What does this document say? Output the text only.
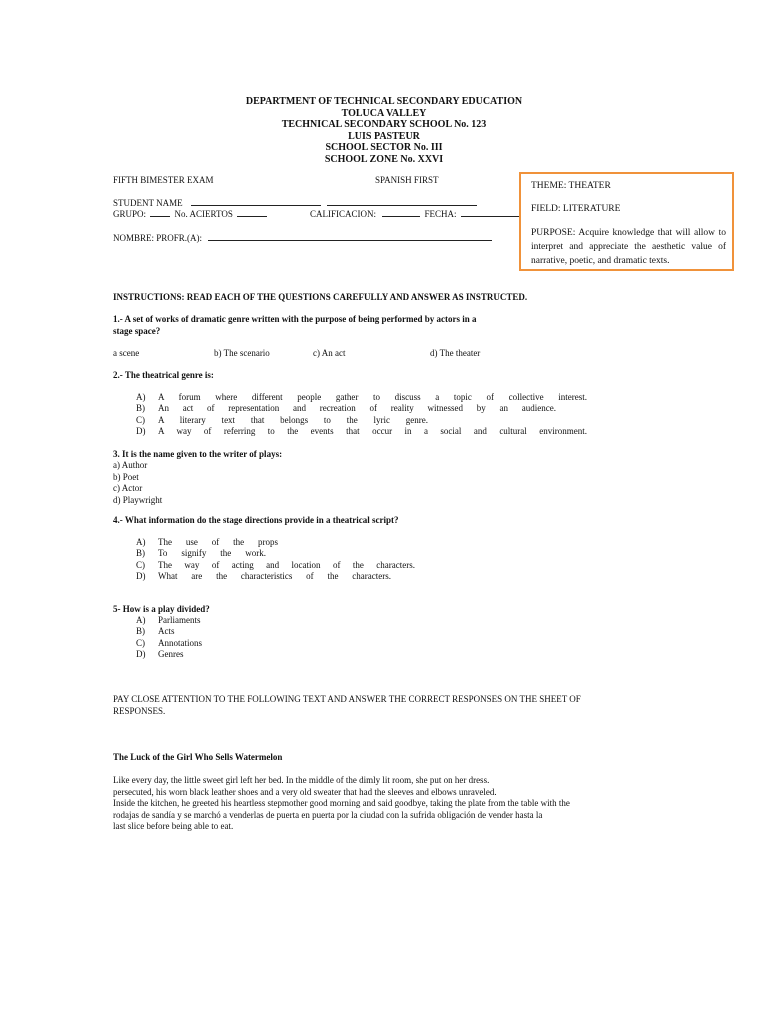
DEPARTMENT OF TECHNICAL SECONDARY EDUCATION
TOLUCA VALLEY
TECHNICAL SECONDARY SCHOOL No. 123
LUIS PASTEUR
SCHOOL SECTOR No. III
SCHOOL ZONE No. XXVI
FIFTH BIMESTER EXAM	SPANISH FIRST
STUDENT NAME
GRUPO:	No. ACIERTOS	CALIFICACION:	FECHA:
NOMBRE: PROFR.(A):
THEME: THEATER
FIELD: LITERATURE
PURPOSE: Acquire knowledge that will allow to interpret and appreciate the aesthetic value of narrative, poetic, and dramatic texts.
INSTRUCTIONS: READ EACH OF THE QUESTIONS CAREFULLY AND ANSWER AS INSTRUCTED.
1.- A set of works of dramatic genre written with the purpose of being performed by actors in a
stage space?
a scene	b) The scenario	c) An act	d) The theater
2.- The theatrical genre is:
A)	A forum where different people gather to discuss a topic of collective interest.
B)	An act of representation and recreation of reality witnessed by an audience.
C)	A literary text that belongs to the lyric genre.
D)	A way of referring to the events that occur in a social and cultural environment.
3. It is the name given to the writer of plays:
a) Author
b) Poet
c) Actor
d) Playwright
4.- What information do the stage directions provide in a theatrical script?
A)	The use of the props
B)	To signify the work.
C)	The way of acting and location of the characters.
D)	What are the characteristics of the characters.
5- How is a play divided?
A)	Parliaments
B)	Acts
C)	Annotations
D)	Genres
PAY CLOSE ATTENTION TO THE FOLLOWING TEXT AND ANSWER THE CORRECT RESPONSES ON THE SHEET OF
RESPONSES.
The Luck of the Girl Who Sells Watermelon
Like every day, the little sweet girl left her bed. In the middle of the dimly lit room, she put on her dress.
persecuted, his worn black leather shoes and a very old sweater that had the sleeves and elbows unraveled.
Inside the kitchen, he greeted his heartless stepmother good morning and said goodbye, taking the plate from the table with the
rodajas de sandía y se marchó a venderlas de puerta en puerta por la ciudad con la sufrida obligación de vender hasta la
last slice before being able to eat.
